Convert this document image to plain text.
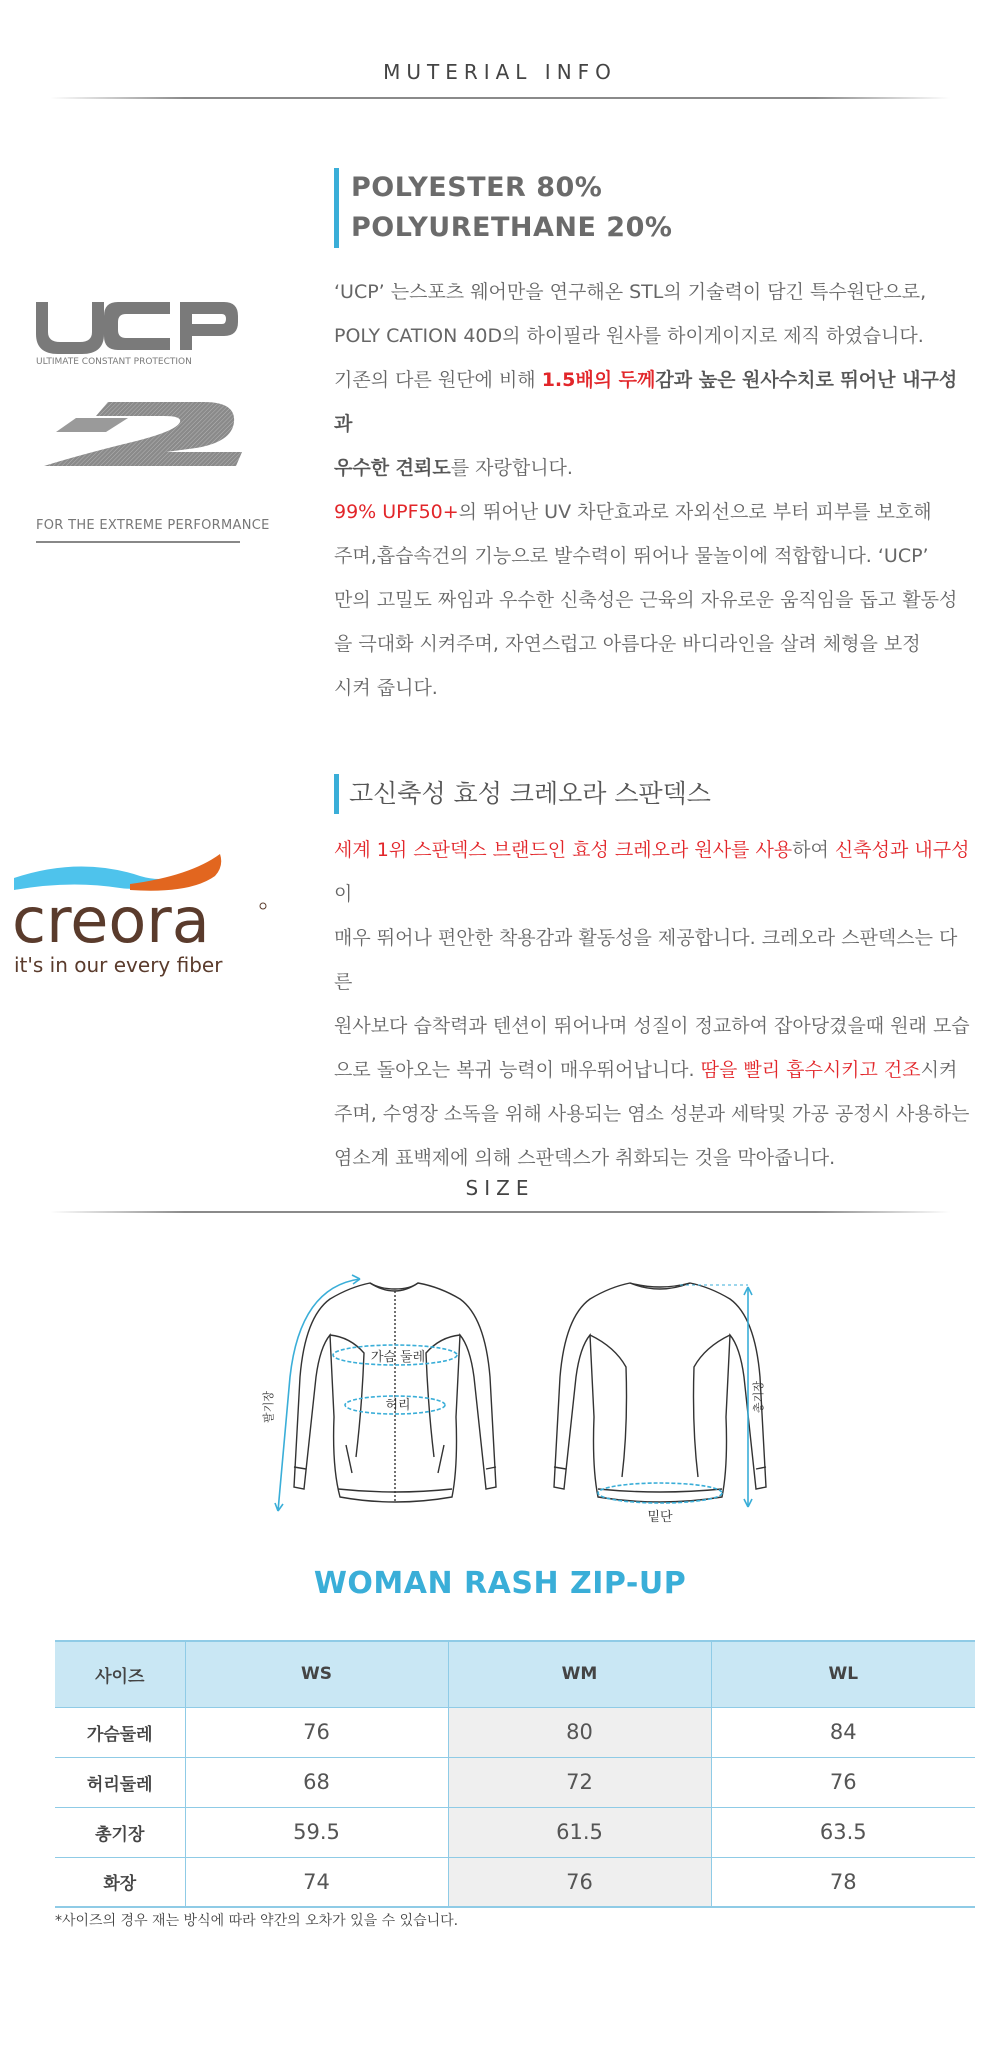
MUTERIAL INFO
ULTIMATE CONSTANT PROTECTION
FOR THE EXTREME PERFORMANCE
POLYESTER 80%
POLYURETHANE 20%
‘UCP’ 는스포츠 웨어만을 연구해온 STL의 기술력이 담긴 특수원단으로,
POLY CATION 40D의 하이필라 원사를 하이게이지로 제직 하였습니다.
기존의 다른 원단에 비해 1.5배의 두께감과 높은 원사수치로 뛰어난 내구성과
우수한 견뢰도를 자랑합니다.
99% UPF50+의 뛰어난 UV 차단효과로 자외선으로 부터 피부를 보호해
주며,흡습속건의 기능으로 발수력이 뛰어나 물놀이에 적합합니다. ‘UCP’
만의 고밀도 짜임과 우수한 신축성은 근육의 자유로운 움직임을 돕고 활동성
을 극대화 시켜주며, 자연스럽고 아름다운 바디라인을 살려 체형을 보정
시켜 줍니다.
creora
it's in our every fiber
고신축성 효성 크레오라 스판덱스
세계 1위 스판덱스 브랜드인 효성 크레오라 원사를 사용하여 신축성과 내구성이
매우 뛰어나 편안한 착용감과 활동성을 제공합니다. 크레오라 스판덱스는 다른
원사보다 습착력과 텐션이 뛰어나며 성질이 정교하여 잡아당겼을때 원래 모습
으로 돌아오는 복귀 능력이 매우뛰어납니다. 땀을 빨리 흡수시키고 건조시켜
주며, 수영장 소독을 위해 사용되는 염소 성분과 세탁및 가공 공정시 사용하는
염소계 표백제에 의해 스판덱스가 취화되는 것을 막아줍니다.
SIZE
가슴 둘레
허리
밑단
팔기장	총기장
WOMAN RASH ZIP-UP
사이즈	WS	WM	WL
가슴둘레	76	80	84
허리둘레	68	72	76
총기장	59.5	61.5	63.5
화장	74	76	78
*사이즈의 경우 재는 방식에 따라 약간의 오차가 있을 수 있습니다.
